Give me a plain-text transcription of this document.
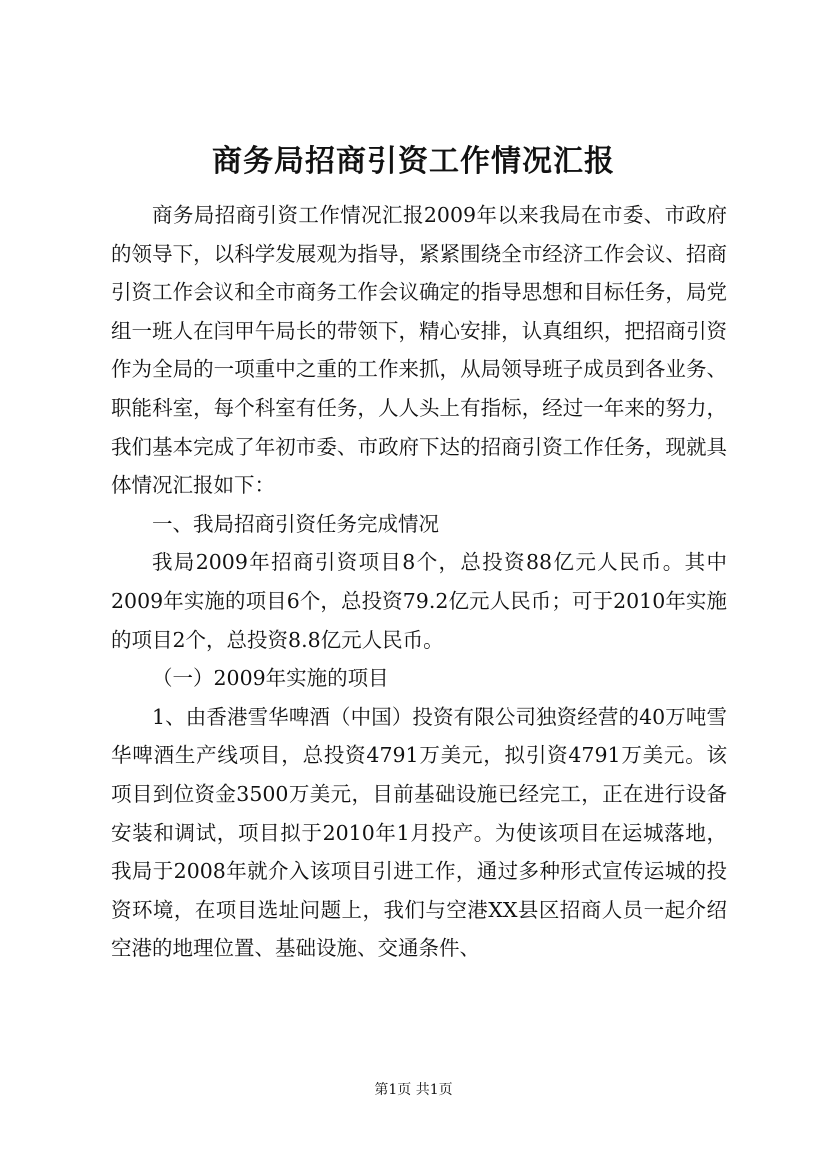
商务局招商引资工作情况汇报

商务局招商引资工作情况汇报2009年以来我局在市委、市政府的领导下，以科学发展观为指导，紧紧围绕全市经济工作会议、招商引资工作会议和全市商务工作会议确定的指导思想和目标任务，局党组一班人在闫甲午局长的带领下，精心安排，认真组织，把招商引资作为全局的一项重中之重的工作来抓，从局领导班子成员到各业务、职能科室，每个科室有任务，人人头上有指标，经过一年来的努力，我们基本完成了年初市委、市政府下达的招商引资工作任务，现就具体情况汇报如下：

一、我局招商引资任务完成情况

我局2009年招商引资项目8个，总投资88亿元人民币。其中2009年实施的项目6个，总投资79.2亿元人民币；可于2010年实施的项目2个，总投资8.8亿元人民币。

（一）2009年实施的项目

1、由香港雪华啤酒（中国）投资有限公司独资经营的40万吨雪华啤酒生产线项目，总投资4791万美元，拟引资4791万美元。该项目到位资金3500万美元，目前基础设施已经完工，正在进行设备安装和调试，项目拟于2010年1月投产。为使该项目在运城落地，我局于2008年就介入该项目引进工作，通过多种形式宣传运城的投资环境，在项目选址问题上，我们与空港XX县区招商人员一起介绍空港的地理位置、基础设施、交通条件、

第1页 共1页
